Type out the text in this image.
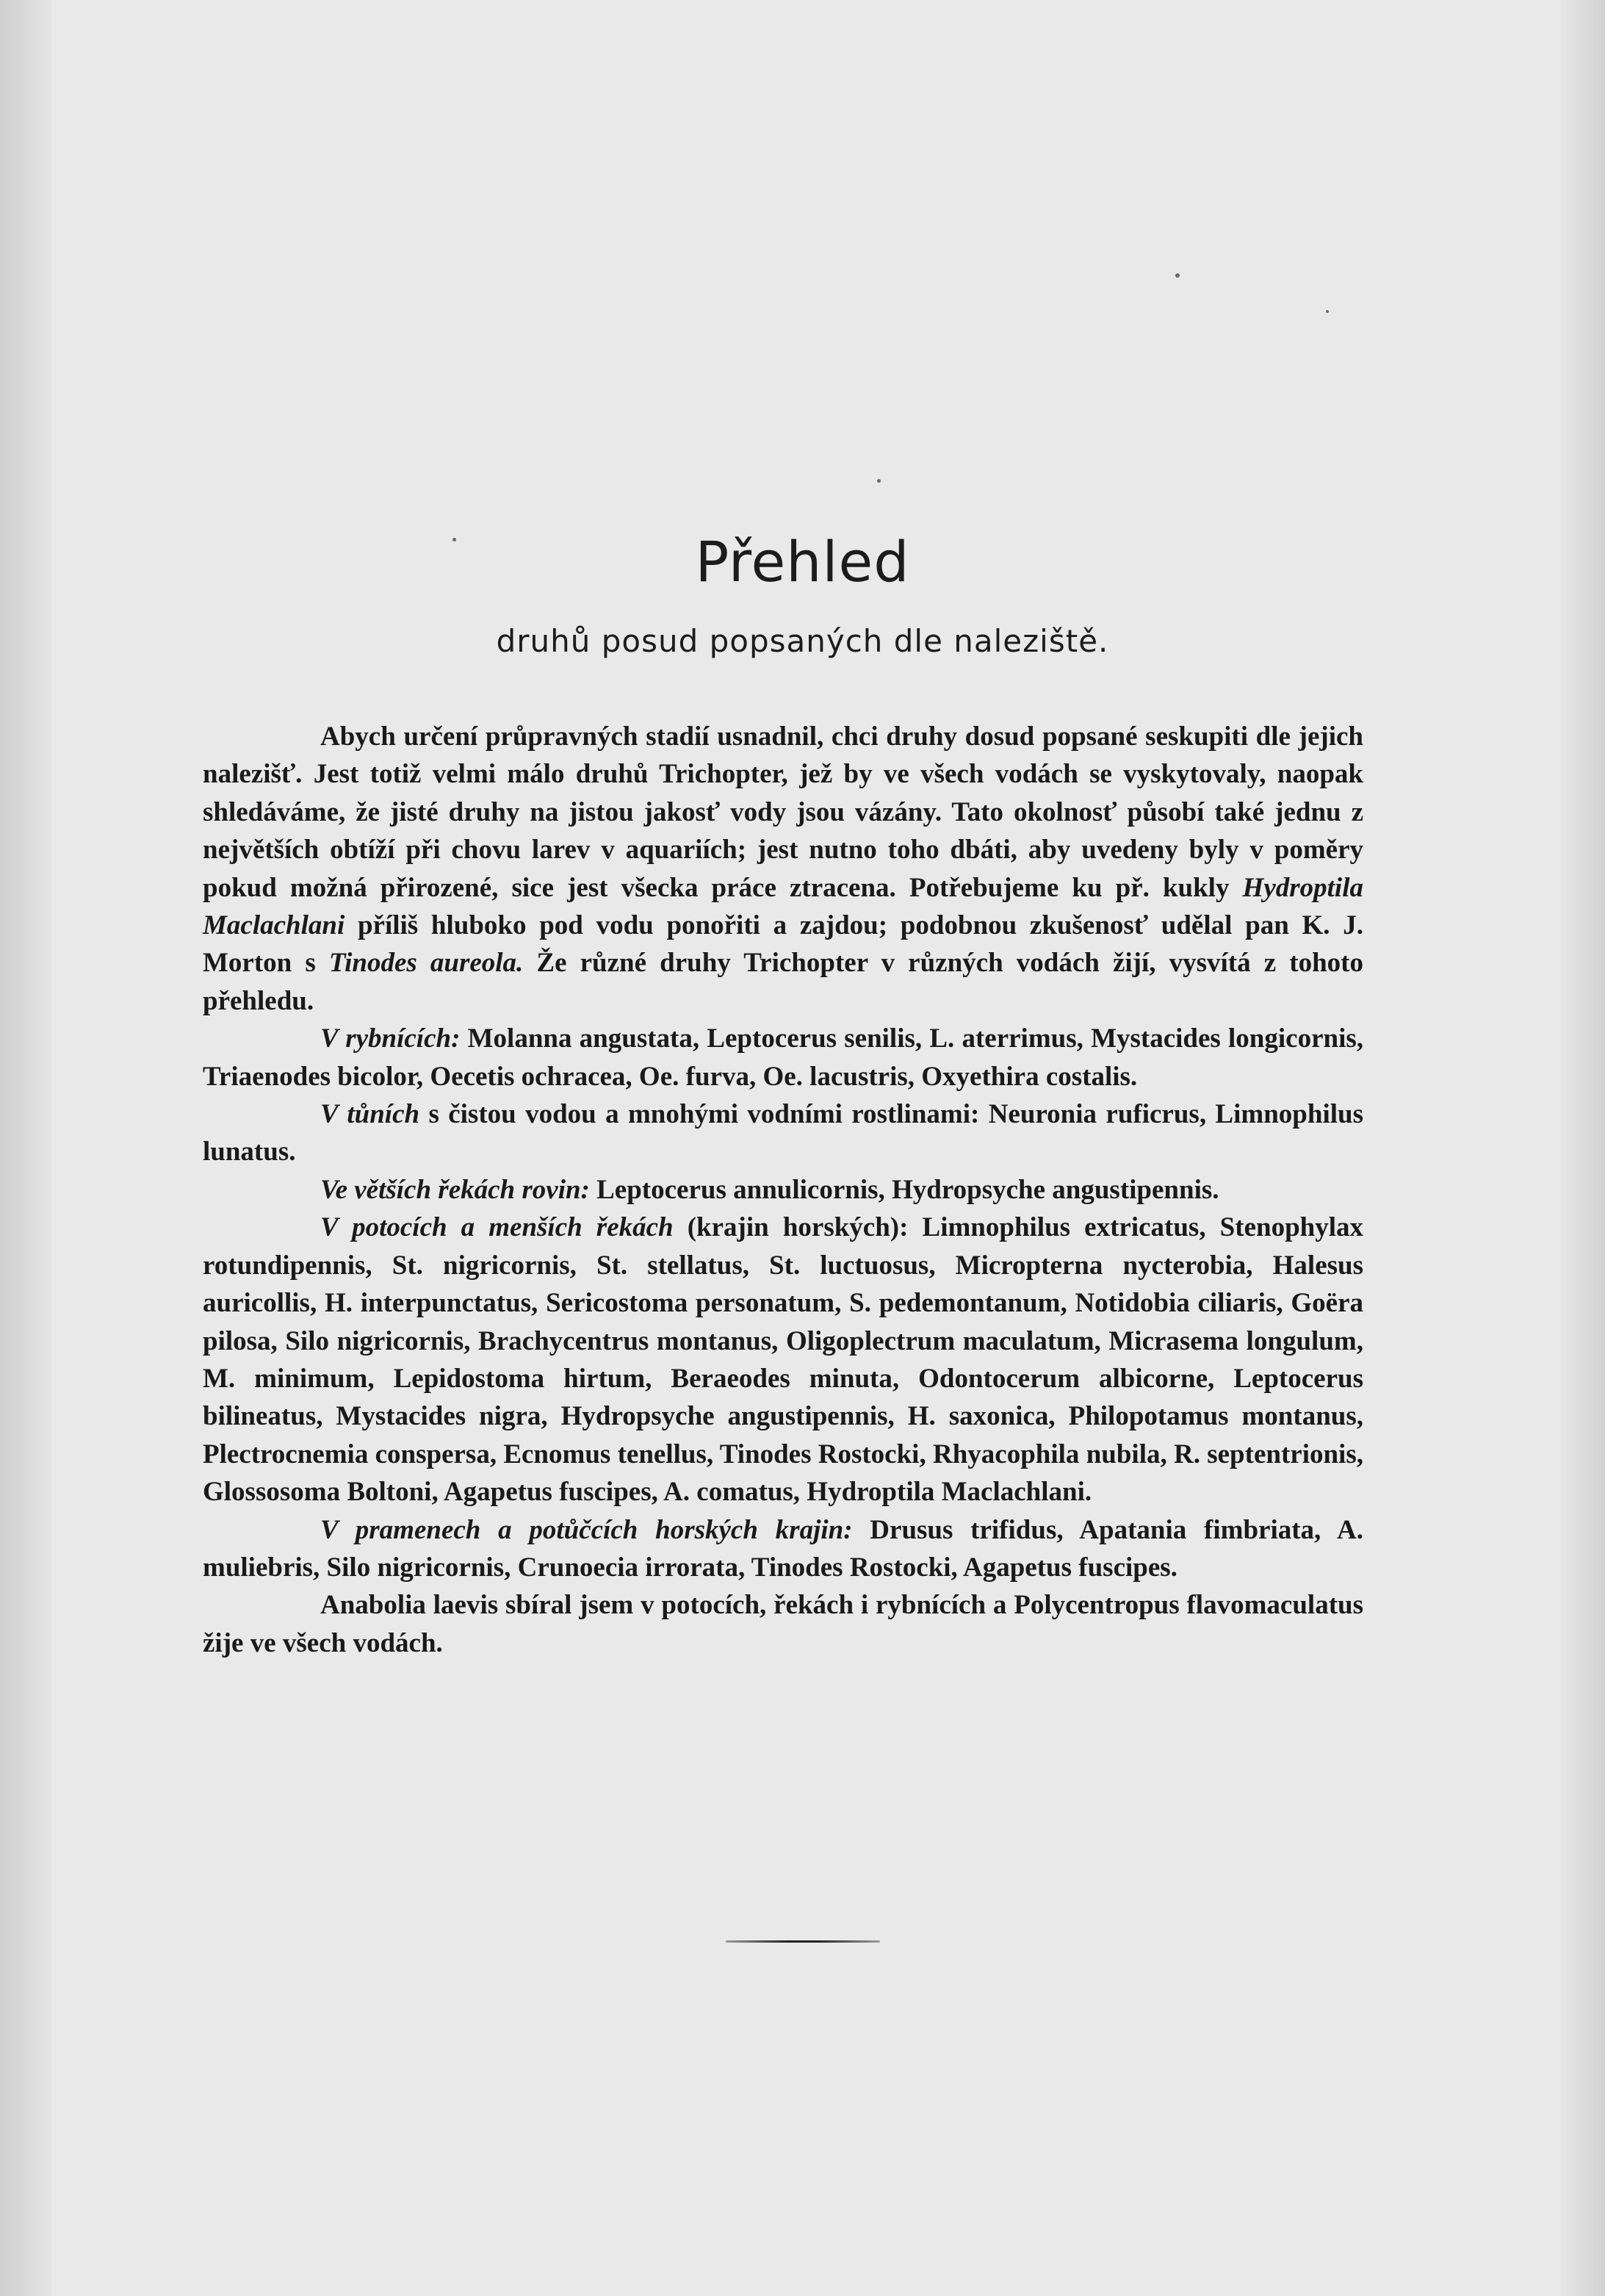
Přehled
druhů posud popsaných dle naleziště.

Abych určení průpravných stadií usnadnil, chci druhy dosud popsané seskupiti dle jejich nalezišť. Jest totiž velmi málo druhů Trichopter, jež by ve všech vodách se vyskytovaly, naopak shledáváme, že jisté druhy na jistou jakosť vody jsou vázány. Tato okolnosť působí také jednu z největších obtíží při chovu larev v aquariích; jest nutno toho dbáti, aby uvedeny byly v poměry pokud možná přirozené, sice jest všecka práce ztracena. Potřebujeme ku př. kukly Hydroptila Maclachlani příliš hluboko pod vodu ponořiti a zajdou; podobnou zkušenosť udělal pan K. J. Morton s Tinodes aureola. Že různé druhy Trichopter v různých vodách žijí, vysvítá z tohoto přehledu.

V rybnících: Molanna angustata, Leptocerus senilis, L. aterrimus, Mystacides longicornis, Triaenodes bicolor, Oecetis ochracea, Oe. furva, Oe. lacustris, Oxyethira costalis.

V tůních s čistou vodou a mnohými vodními rostlinami: Neuronia ruficrus, Limnophilus lunatus.

Ve větších řekách rovin: Leptocerus annulicornis, Hydropsyche angustipennis.

V potocích a menších řekách (krajin horských): Limnophilus extricatus, Stenophylax rotundipennis, St. nigricornis, St. stellatus, St. luctuosus, Micropterna nycterobia, Halesus auricollis, H. interpunctatus, Sericostoma personatum, S. pedemontanum, Notidobia ciliaris, Goëra pilosa, Silo nigricornis, Brachycentrus montanus, Oligoplectrum maculatum, Micrasema longulum, M. minimum, Lepidostoma hirtum, Beraeodes minuta, Odontocerum albicorne, Leptocerus bilineatus, Mystacides nigra, Hydropsyche angustipennis, H. saxonica, Philopotamus montanus, Plectrocnemia conspersa, Ecnomus tenellus, Tinodes Rostocki, Rhyacophila nubila, R. septentrionis, Glossosoma Boltoni, Agapetus fuscipes, A. comatus, Hydroptila Maclachlani.

V pramenech a potůčcích horských krajin: Drusus trifidus, Apatania fimbriata, A. muliebris, Silo nigricornis, Crunoecia irrorata, Tinodes Rostocki, Agapetus fuscipes.

Anabolia laevis sbíral jsem v potocích, řekách i rybnících a Polycentropus flavomaculatus žije ve všech vodách.
